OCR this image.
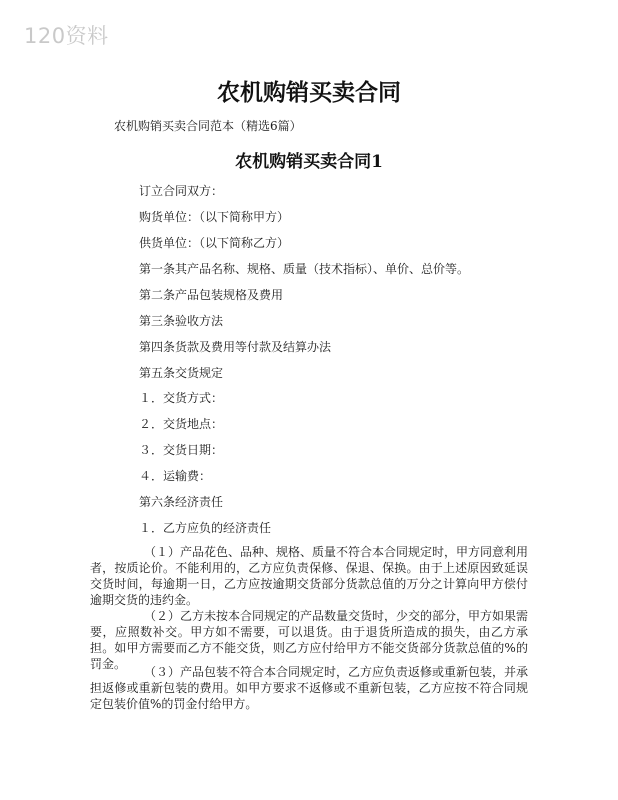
120资料
农机购销买卖合同
农机购销买卖合同范本（精选6篇）
农机购销买卖合同1
订立合同双方：
购货单位：（以下简称甲方）
供货单位：（以下简称乙方）
第一条其产品名称、规格、质量（技术指标）、单价、总价等。
第二条产品包装规格及费用
第三条验收方法
第四条货款及费用等付款及结算办法
第五条交货规定
１．交货方式：
２．交货地点：
３．交货日期：
４．运输费：
第六条经济责任
１．乙方应负的经济责任
（１）产品花色、品种、规格、质量不符合本合同规定时，甲方同意利用者，按质论价。不能利用的，乙方应负责保修、保退、保换。由于上述原因致延误交货时间，每逾期一日，乙方应按逾期交货部分货款总值的万分之计算向甲方偿付逾期交货的违约金。
（２）乙方未按本合同规定的产品数量交货时，少交的部分，甲方如果需要，应照数补交。甲方如不需要，可以退货。由于退货所造成的损失，由乙方承担。如甲方需要而乙方不能交货，则乙方应付给甲方不能交货部分货款总值的%的罚金。
（３）产品包装不符合本合同规定时，乙方应负责返修或重新包装，并承担返修或重新包装的费用。如甲方要求不返修或不重新包装，乙方应按不符合同规定包装价值%的罚金付给甲方。
